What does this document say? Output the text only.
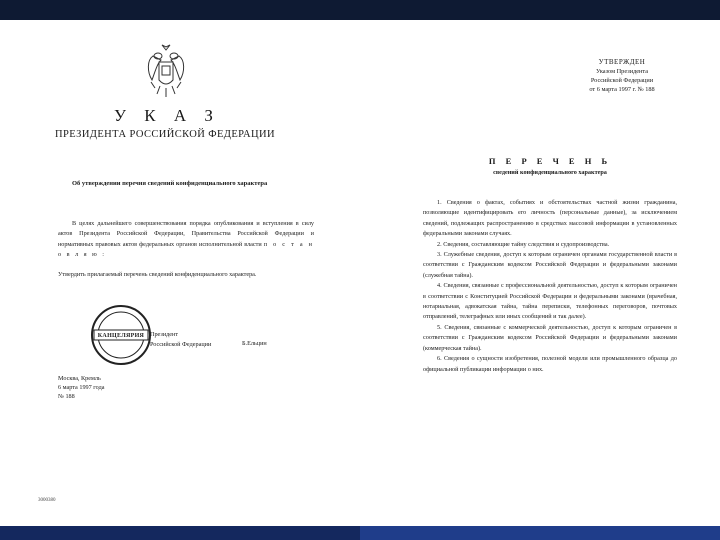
У К А З
ПРЕЗИДЕНТА РОССИЙСКОЙ ФЕДЕРАЦИИ
Об утверждении перечня сведений конфиденциального характера
В целях дальнейшего совершенствования порядка опубликования и вступления в силу актов Президента Российской Федерации, Правительства Российской Федерации и нормативных правовых актов федеральных органов исполнительной власти п о с т а н о в л я ю :
Утвердить прилагаемый перечень сведений конфиденциального характера.
КАНЦЕЛЯРИЯ Президент
Российской Федерации	Б.Ельцин
Москва, Кремль
6 марта 1997 года
№ 188
3000380
УТВЕРЖДЕН
Указом Президента
Российской Федерации
от 6 марта 1997 г. № 188
П Е Р Е Ч Е Н Ь
сведений конфиденциального характера
1. Сведения о фактах, событиях и обстоятельствах частной жизни гражданина, позволяющие идентифицировать его личность (персональные данные), за исключением сведений, подлежащих распространению в средствах массовой информации в установленных федеральными законами случаях.
2. Сведения, составляющие тайну следствия и судопроизводства.
3. Служебные сведения, доступ к которым ограничен органами государственной власти в соответствии с Гражданским кодексом Российской Федерации и федеральными законами (служебная тайна).
4. Сведения, связанные с профессиональной деятельностью, доступ к которым ограничен в соответствии с Конституцией Российской Федерации и федеральными законами (врачебная, нотариальная, адвокатская тайна, тайна переписки, телефонных переговоров, почтовых отправлений, телеграфных или иных сообщений и так далее).
5. Сведения, связанные с коммерческой деятельностью, доступ к которым ограничен в соответствии с Гражданским кодексом Российской Федерации и федеральными законами (коммерческая тайна).
6. Сведения о сущности изобретения, полезной модели или промышленного образца до официальной публикации информации о них.
